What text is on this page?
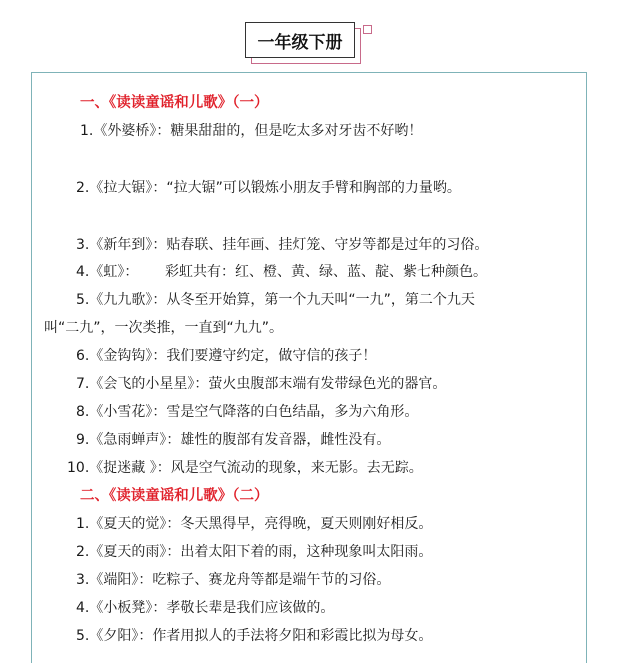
一年级下册
一、《读读童谣和儿歌》（一）
1.《外婆桥》：糖果甜甜的，但是吃太多对牙齿不好哟！
2.《拉大锯》：“拉大锯”可以锻炼小朋友手臂和胸部的力量哟。
3.《新年到》：贴春联、挂年画、挂灯笼、守岁等都是过年的习俗。
4.《虹》：      彩虹共有：红、橙、黄、绿、蓝、靛、紫七种颜色。
5.《九九歌》：从冬至开始算，第一个九天叫“一九”，第二个九天
叫“二九”，一次类推，一直到“九九”。
6.《金钩钩》：我们要遵守约定，做守信的孩子！
7.《会飞的小星星》：萤火虫腹部末端有发带绿色光的器官。
8.《小雪花》：雪是空气降落的白色结晶，多为六角形。
9.《急雨蝉声》：雄性的腹部有发音器，雌性没有。
10.《捉迷藏 》：风是空气流动的现象，来无影。去无踪。
二、《读读童谣和儿歌》（二）
1.《夏天的觉》：冬天黑得早，亮得晚，夏天则刚好相反。
2.《夏天的雨》：出着太阳下着的雨，这种现象叫太阳雨。
3.《端阳》：吃粽子、赛龙舟等都是端午节的习俗。
4.《小板凳》：孝敬长辈是我们应该做的。
5.《夕阳》：作者用拟人的手法将夕阳和彩霞比拟为母女。
